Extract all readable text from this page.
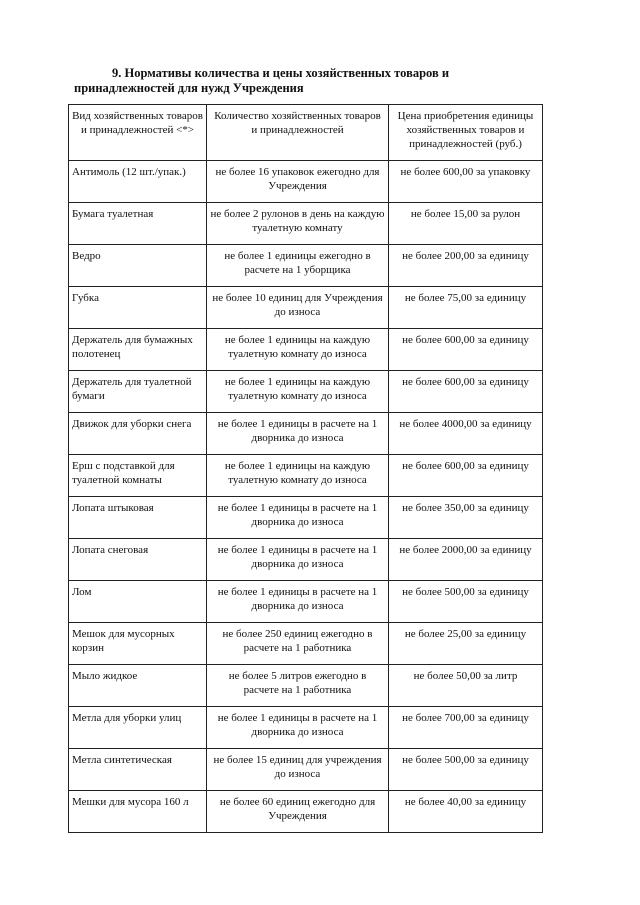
9. Нормативы количества и цены хозяйственных товаров и принадлежностей для нужд Учреждения
Вид хозяйственных товаров и принадлежностей <*>	Количество хозяйственных товаров и принадлежностей	Цена приобретения единицы хозяйственных товаров и принадлежностей (руб.)
Антимоль (12 шт./упак.)	не более 16 упаковок ежегодно для Учреждения	не более 600,00 за упаковку
Бумага туалетная	не более 2 рулонов в день на каждую туалетную комнату	не более 15,00 за рулон
Ведро	не более 1 единицы ежегодно в расчете на 1 уборщика	не более 200,00 за единицу
Губка	не более 10 единиц для Учреждения до износа	не более 75,00 за единицу
Держатель для бумажных полотенец	не более 1 единицы на каждую туалетную комнату до износа	не более 600,00 за единицу
Держатель для туалетной бумаги	не более 1 единицы на каждую туалетную комнату до износа	не более 600,00 за единицу
Движок для уборки снега	не более 1 единицы в расчете на 1 дворника до износа	не более 4000,00 за единицу
Ерш с подставкой для туалетной комнаты	не более 1 единицы на каждую туалетную комнату до износа	не более 600,00 за единицу
Лопата штыковая	не более 1 единицы в расчете на 1 дворника до износа	не более 350,00 за единицу
Лопата снеговая	не более 1 единицы в расчете на 1 дворника до износа	не более 2000,00 за единицу
Лом	не более 1 единицы в расчете на 1 дворника до износа	не более 500,00 за единицу
Мешок для мусорных корзин	не более 250 единиц ежегодно в расчете на 1 работника	не более 25,00 за единицу
Мыло жидкое	не более 5 литров ежегодно в расчете на 1 работника	не более 50,00 за литр
Метла для уборки улиц	не более 1 единицы в расчете на 1 дворника до износа	не более 700,00 за единицу
Метла синтетическая	не более 15 единиц для учреждения до износа	не более 500,00 за единицу
Мешки для мусора 160 л	не более 60 единиц ежегодно для Учреждения	не более 40,00 за единицу
